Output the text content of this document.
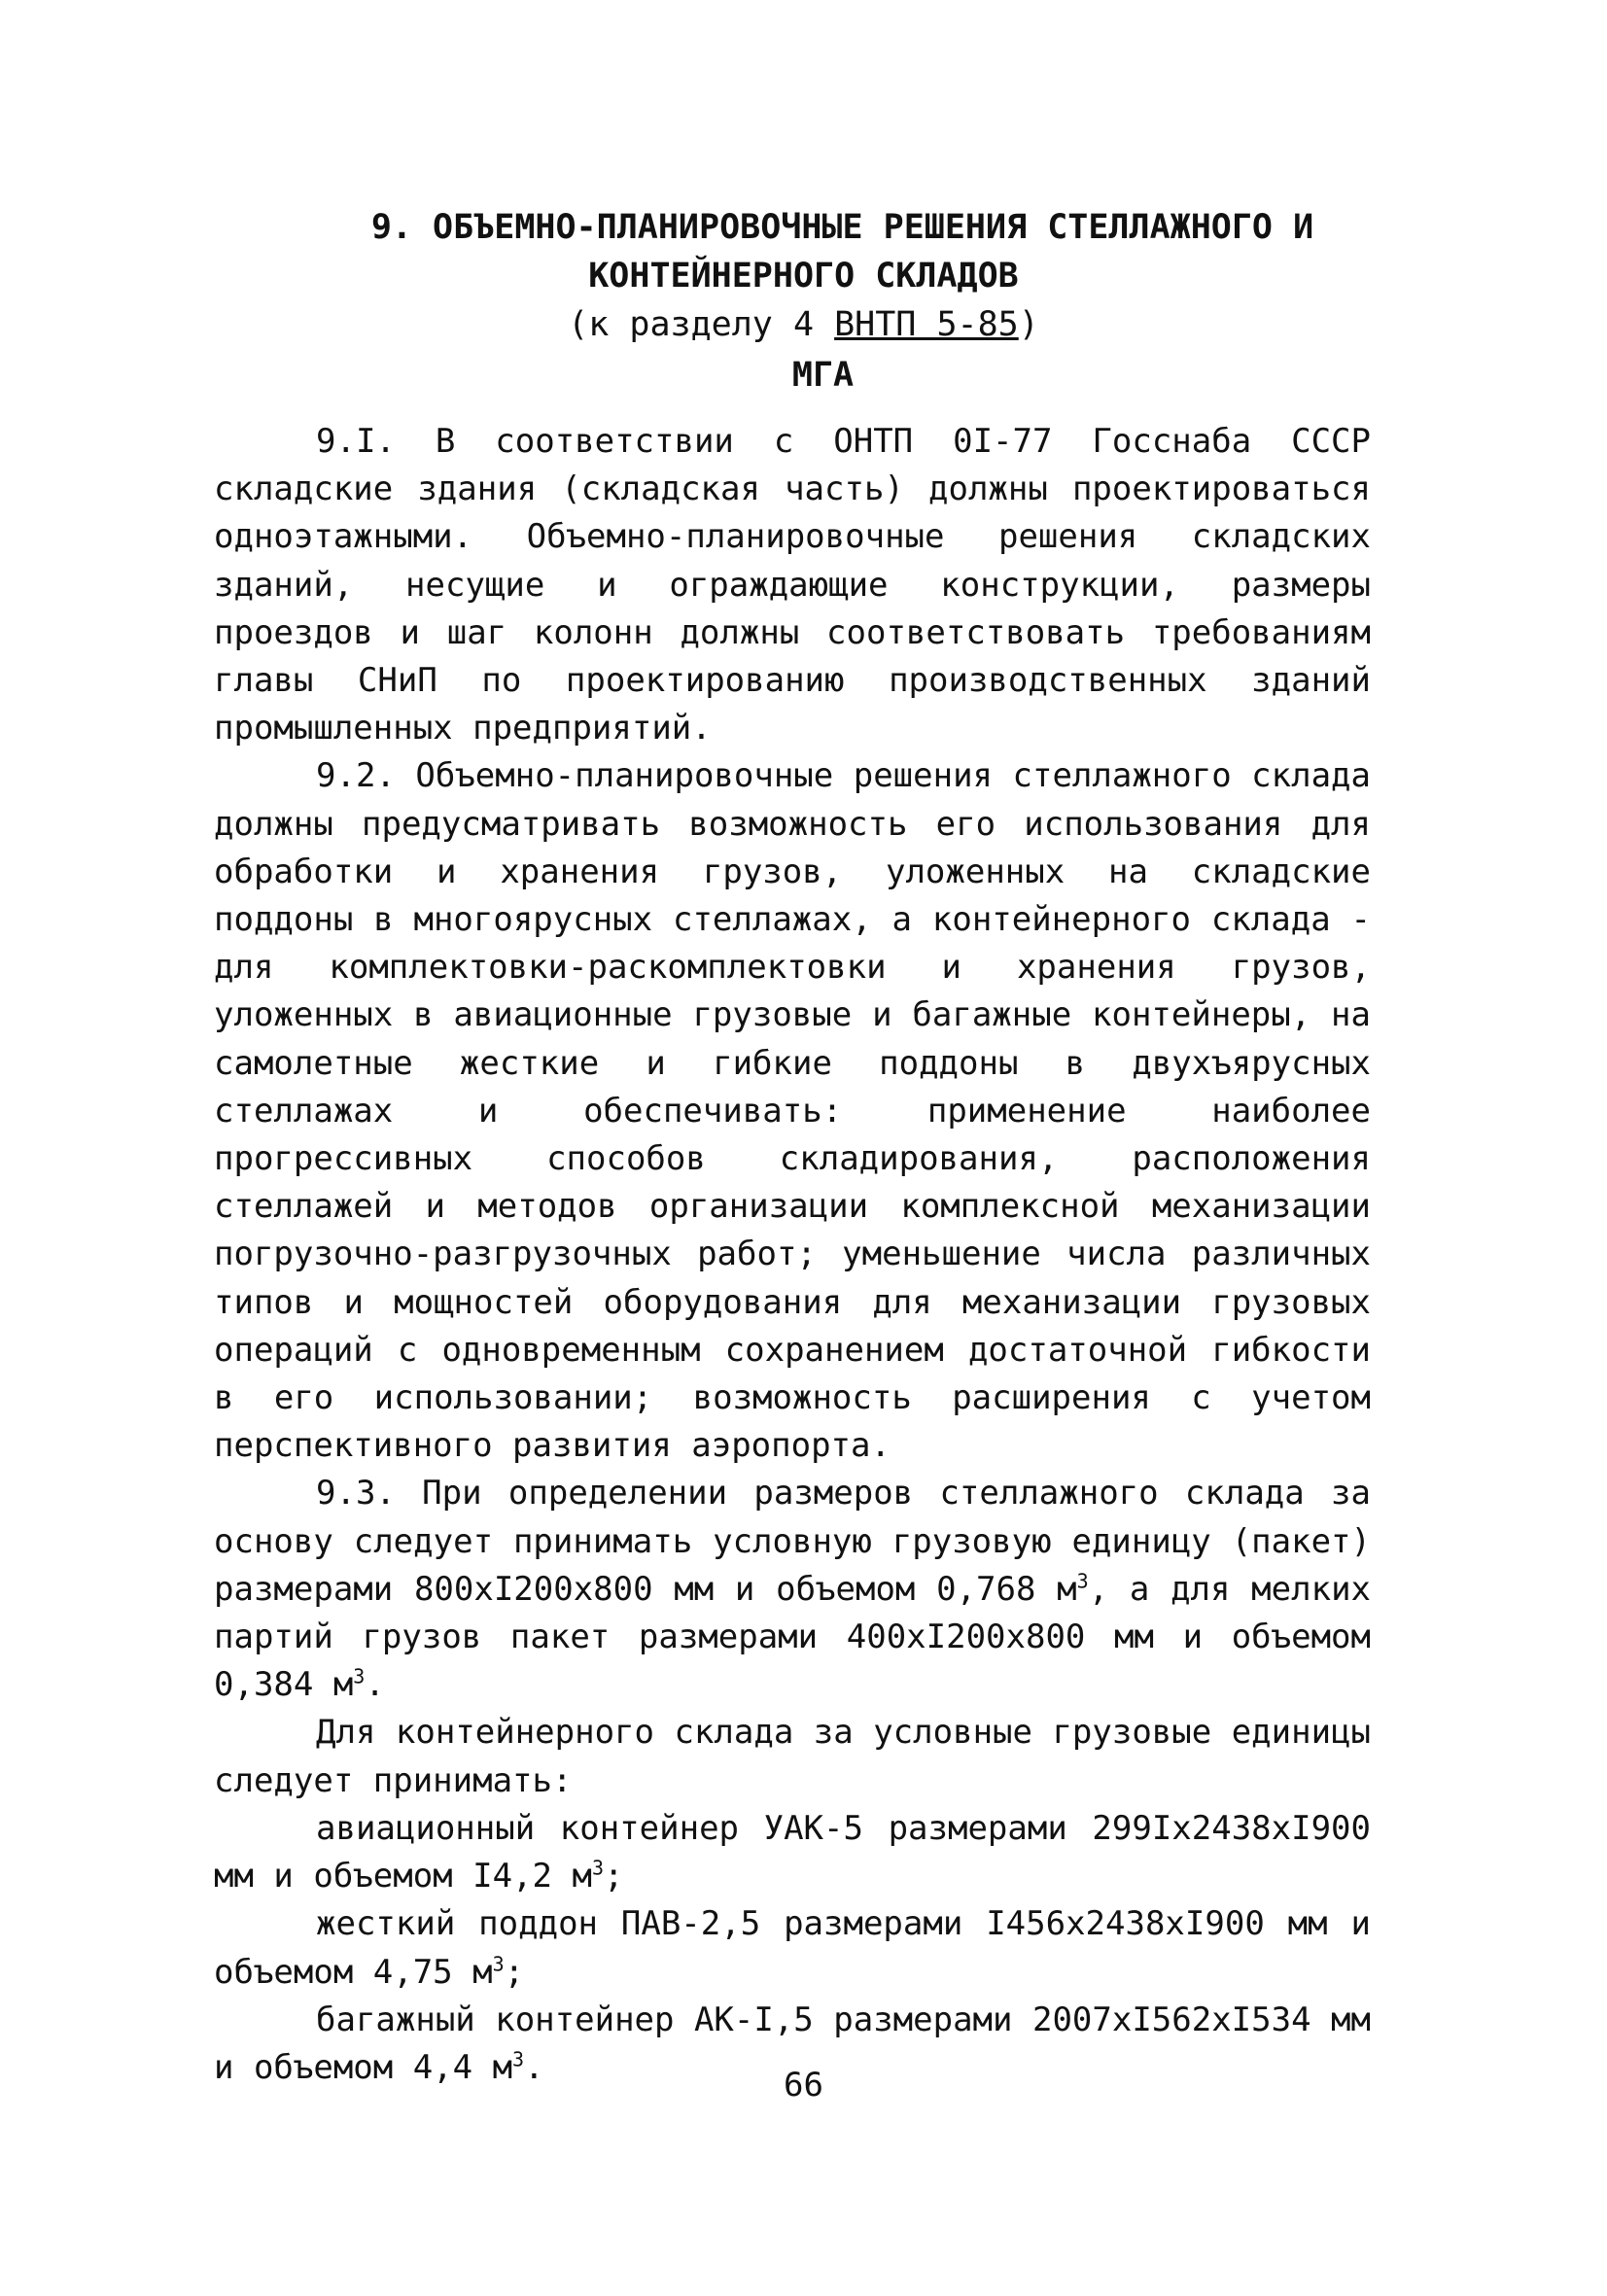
9. ОБЪЕМНО-ПЛАНИРОВОЧНЫЕ РЕШЕНИЯ СТЕЛЛАЖНОГО И
КОНТЕЙНЕРНОГО СКЛАДОВ
(к разделу 4 ВНТП 5-85)
МГА

9.I. В соответствии с ОНТП 0I-77 Госснаба СССР складские здания (складская часть) должны проектироваться одноэтажными. Объемно-планировочные решения складских зданий, несущие и ограждающие конструкции, размеры проездов и шаг колонн должны соответствовать требованиям главы СНиП по проектированию производственных зданий промышленных предприятий.

9.2. Объемно-планировочные решения стеллажного склада должны предусматривать возможность его использования для обработки и хранения грузов, уложенных на складские поддоны в многоярусных стеллажах, а контейнерного склада - для комплектовки-раскомплектовки и хранения грузов, уложенных в авиационные грузовые и багажные контейнеры, на самолетные жесткие и гибкие поддоны в двухъярусных стеллажах и обеспечивать: применение наиболее прогрессивных способов складирования, расположения стеллажей и методов организации комплексной механизации погрузочно-разгрузочных работ; уменьшение числа различных типов и мощностей оборудования для механизации грузовых операций с одновременным сохранением достаточной гибкости в его использовании; возможность расширения с учетом перспективного развития аэропорта.

9.3. При определении размеров стеллажного склада за основу следует принимать условную грузовую единицу (пакет) размерами 800xI200x800 мм и объемом 0,768 $м^3$, а для мелких партий грузов пакет размерами 400xI200x800 мм и объемом 0,384 $м^3$.

Для контейнерного склада за условные грузовые единицы следует принимать:

авиационный контейнер УАК-5 размерами 299Ix2438xI900 мм и объемом I4,2 $м^3$;

жесткий поддон ПАВ-2,5 размерами I456x2438xI900 мм и объемом 4,75 $м^3$;

багажный контейнер АК-I,5 размерами 2007xI562xI534 мм и объемом 4,4 $м^3$.	66
